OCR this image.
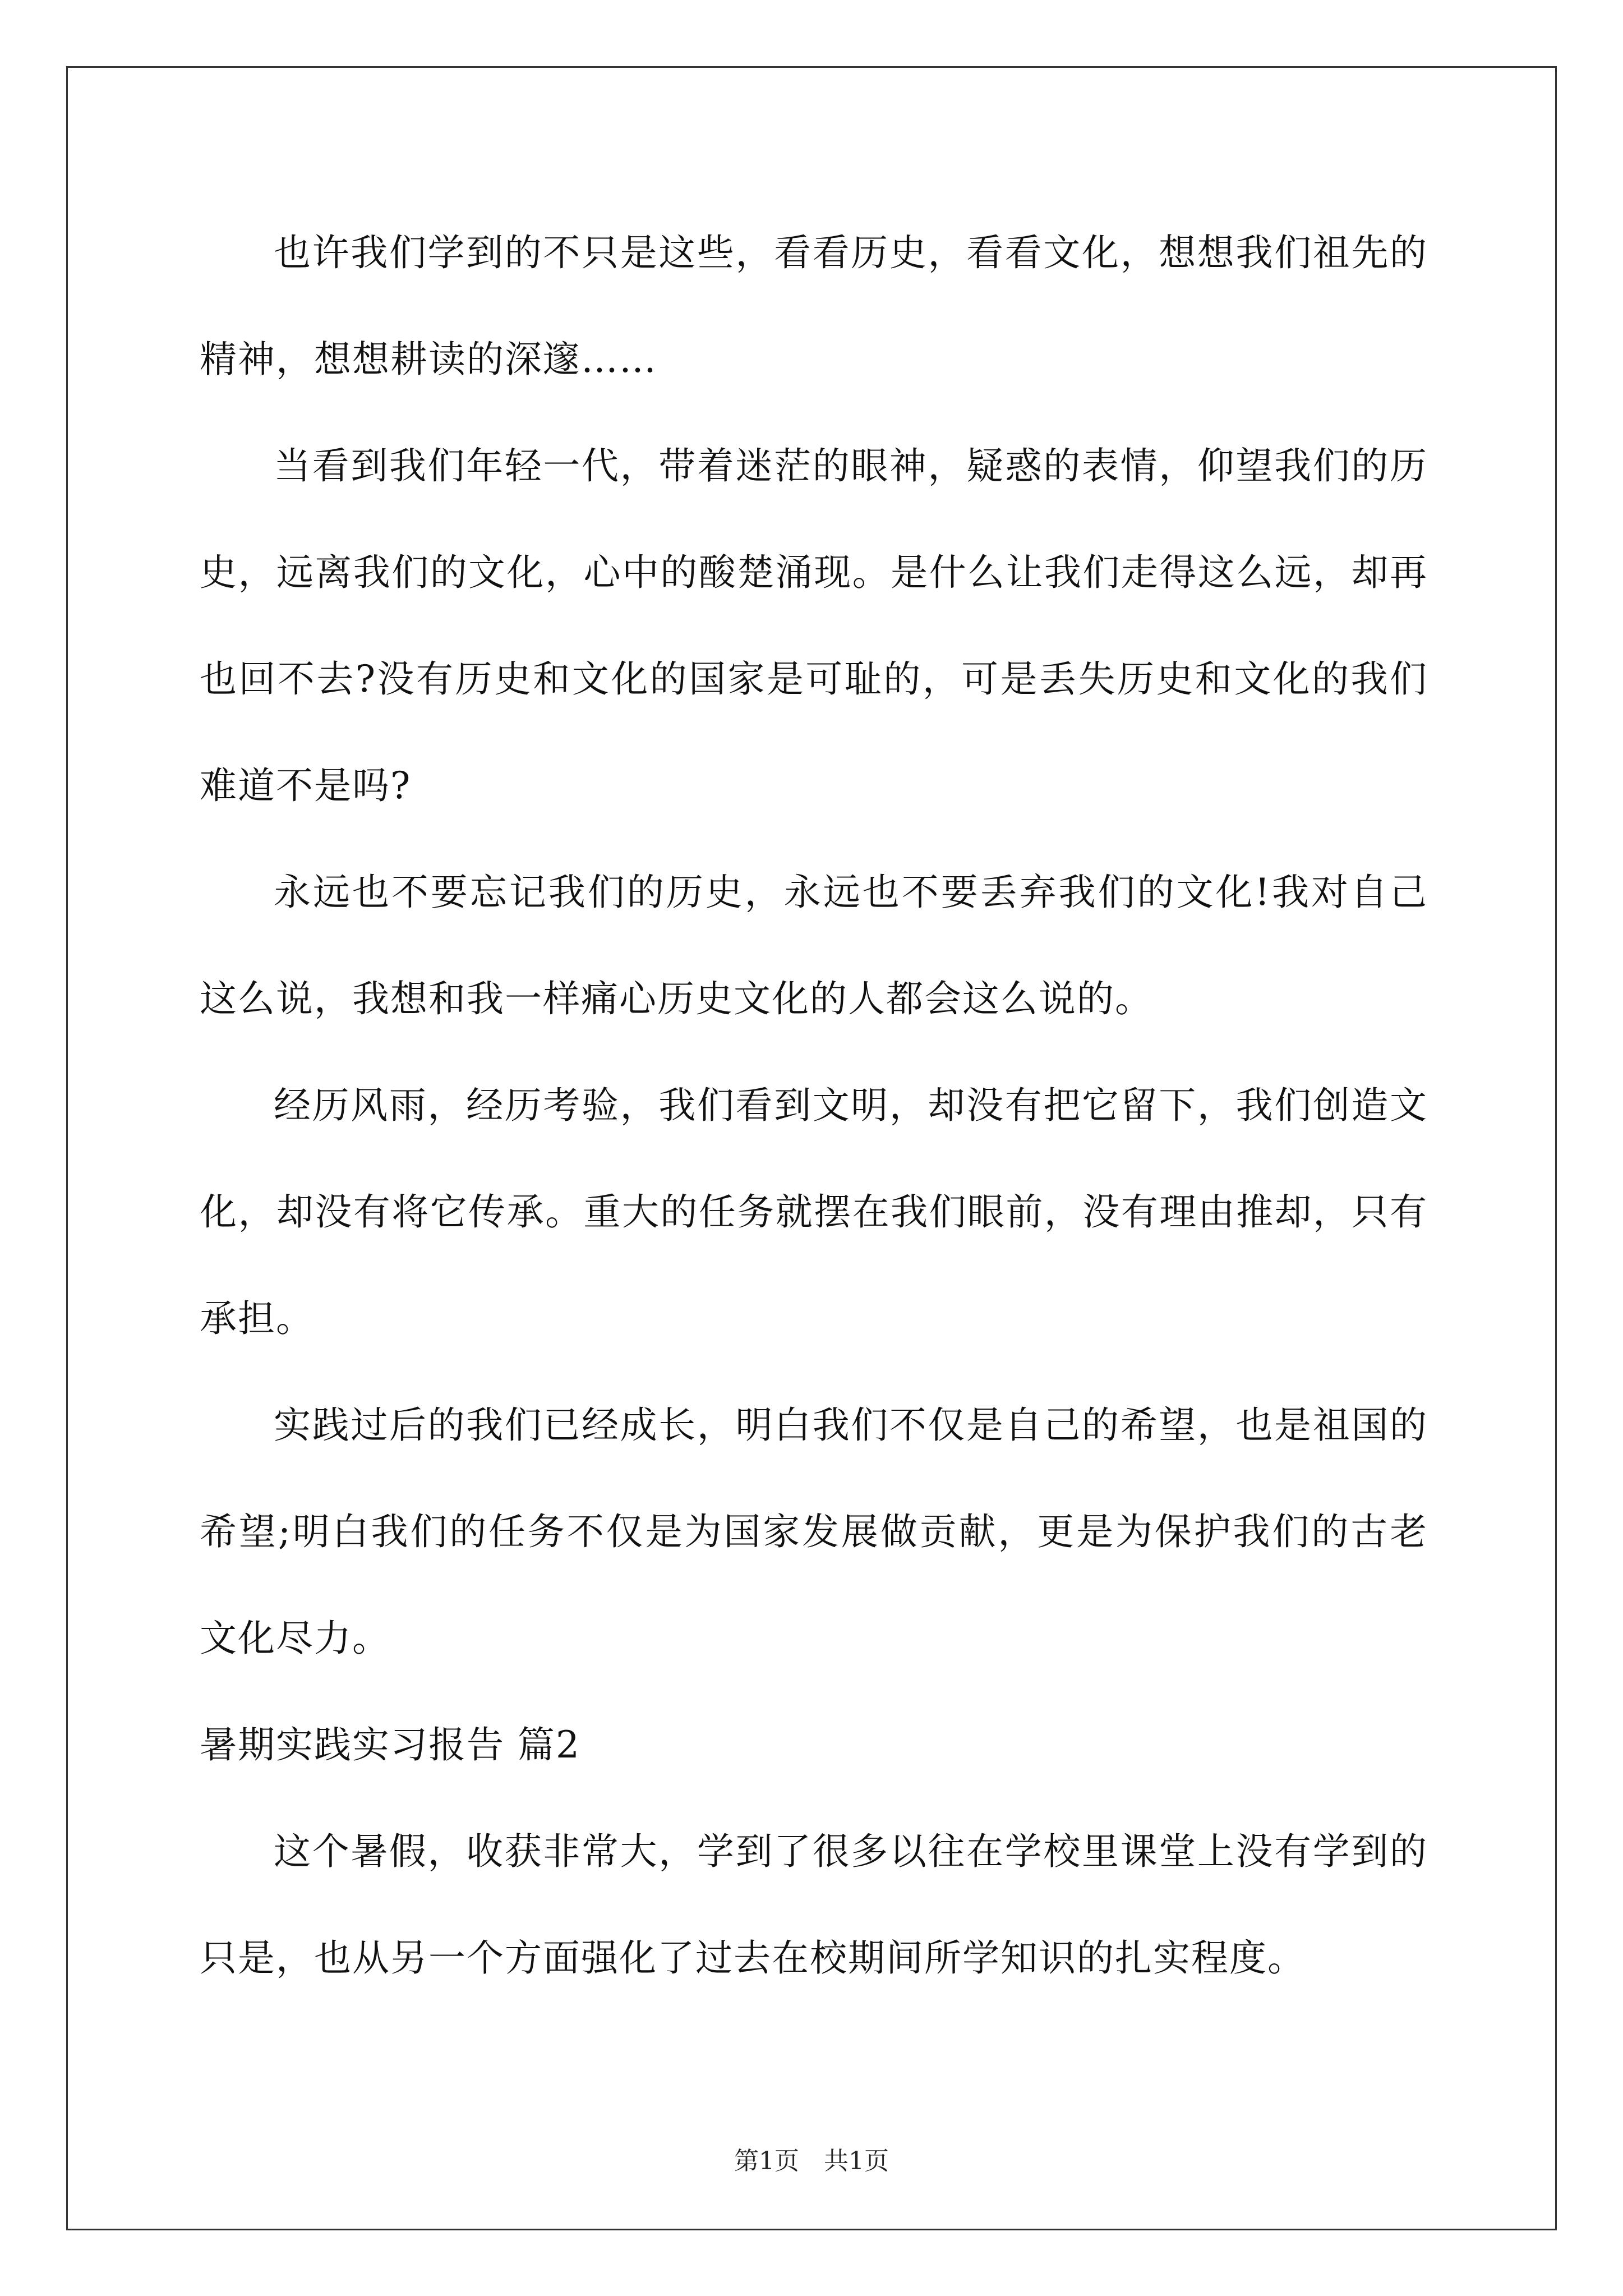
也许我们学到的不只是这些，看看历史，看看文化，想想我们祖先的精神，想想耕读的深邃……

当看到我们年轻一代，带着迷茫的眼神，疑惑的表情，仰望我们的历史，远离我们的文化，心中的酸楚涌现。是什么让我们走得这么远，却再也回不去?没有历史和文化的国家是可耻的，可是丢失历史和文化的我们难道不是吗?

永远也不要忘记我们的历史，永远也不要丢弃我们的文化!我对自己这么说，我想和我一样痛心历史文化的人都会这么说的。

经历风雨，经历考验，我们看到文明，却没有把它留下，我们创造文化，却没有将它传承。重大的任务就摆在我们眼前，没有理由推却，只有承担。

实践过后的我们已经成长，明白我们不仅是自己的希望，也是祖国的希望;明白我们的任务不仅是为国家发展做贡献，更是为保护我们的古老文化尽力。

暑期实践实习报告 篇2

这个暑假，收获非常大，学到了很多以往在学校里课堂上没有学到的只是，也从另一个方面强化了过去在校期间所学知识的扎实程度。

第1页 共1页
